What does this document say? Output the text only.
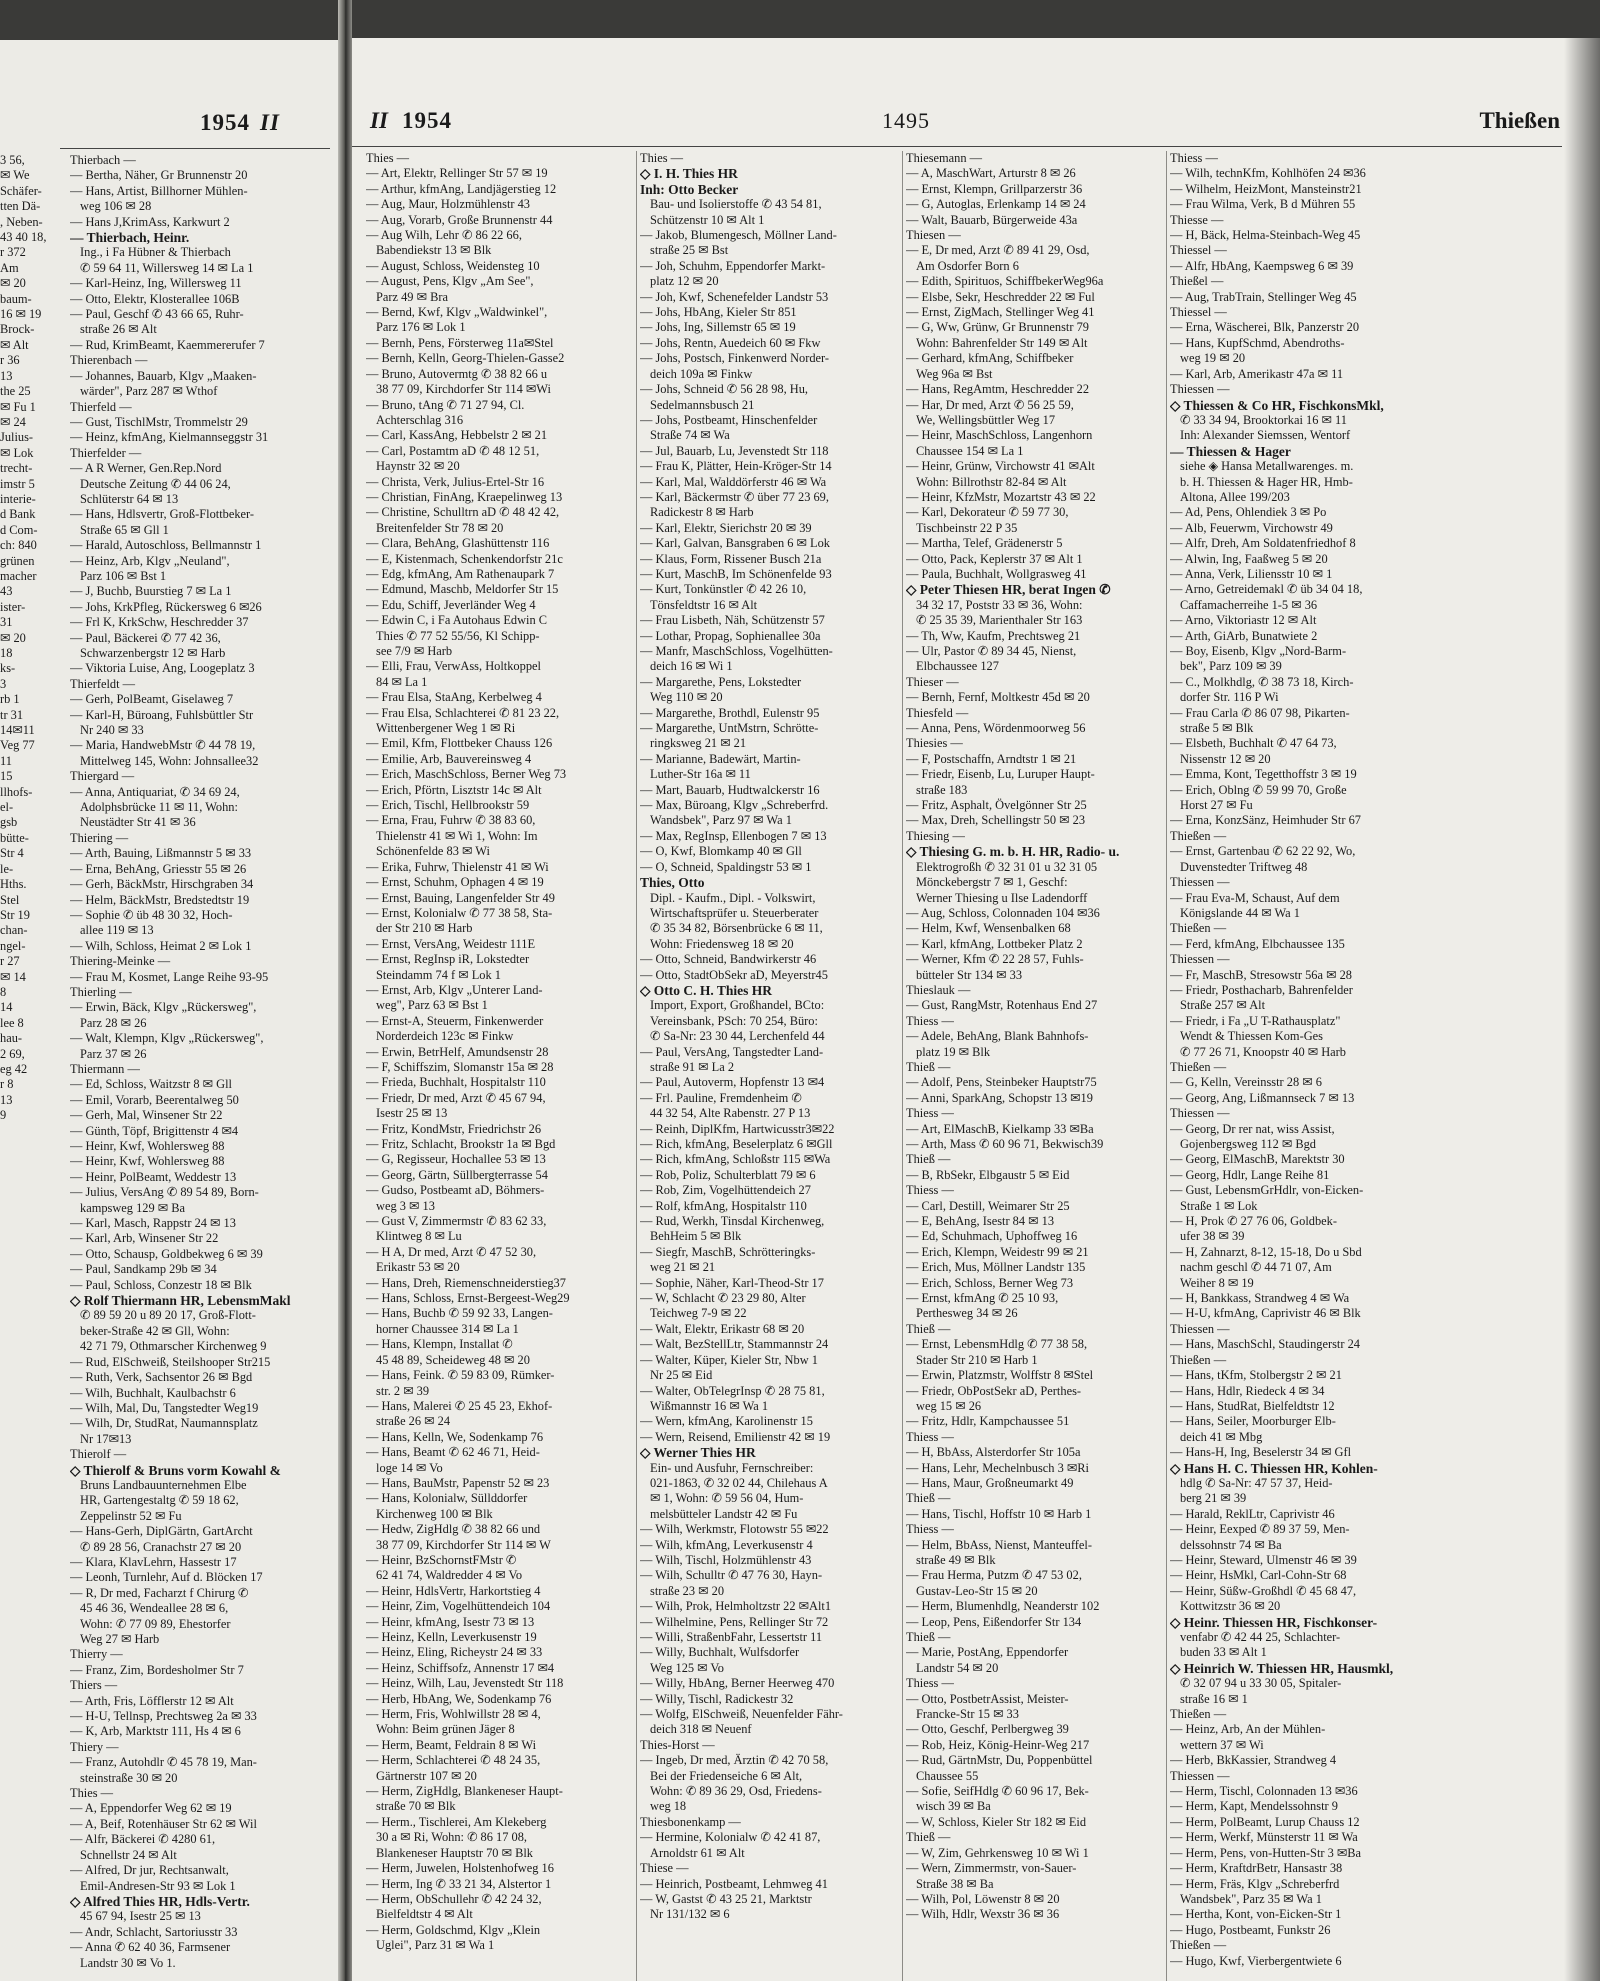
1954 II
3 56,
✉ We
Schäfer-
tten Dä-
, Neben-
43 40 18,
r 372
Am
✉ 20
baum-
16 ✉ 19
Brock-
✉ Alt
r 36
13
the 25
✉ Fu 1
✉ 24
Julius-
✉ Lok
trecht-
imstr 5
interie-
d Bank
d Com-
ch: 840
grünen
macher
43
ister-
31
✉ 20
18
ks-
3
rb 1
tr 31
14✉11
Veg 77
11
15
llhofs-
el-
gsb
bütte-
Str 4
le-
Hths.
Stel
Str 19
chan-
ngel-
r 27
✉ 14
8
14
lee 8
hau-
2 69,
eg 42
r 8
13
9
Thierbach —
— Bertha, Näher, Gr Brunnenstr 20
— Hans, Artist, Billhorner Mühlen-
weg 106 ✉ 28
— Hans J,KrimAss, Karkwurt 2
— Thierbach, Heinr.
Ing., i Fa Hübner & Thierbach
✆ 59 64 11, Willersweg 14 ✉ La 1
— Karl-Heinz, Ing, Willersweg 11
— Otto, Elektr, Klosterallee 106B
— Paul, Geschf ✆ 43 66 65, Ruhr-
straße 26 ✉ Alt
— Rud, KrimBeamt, Kaemmererufer 7
Thierenbach —
— Johannes, Bauarb, Klgv „Maaken-
wärder", Parz 287 ✉ Wthof
Thierfeld —
— Gust, TischlMstr, Trommelstr 29
— Heinz, kfmAng, Kielmannseggstr 31
Thierfelder —
— A R Werner, Gen.Rep.Nord
Deutsche Zeitung ✆ 44 06 24,
Schlüterstr 64 ✉ 13
— Hans, Hdlsvertr, Groß-Flottbeker-
Straße 65 ✉ Gll 1
— Harald, Autoschloss, Bellmannstr 1
— Heinz, Arb, Klgv „Neuland",
Parz 106 ✉ Bst 1
— J, Buchb, Buurstieg 7 ✉ La 1
— Johs, KrkPfleg, Rückersweg 6 ✉26
— Frl K, KrkSchw, Heschredder 37
— Paul, Bäckerei ✆ 77 42 36,
Schwarzenbergstr 12 ✉ Harb
— Viktoria Luise, Ang, Loogeplatz 3
Thierfeldt —
— Gerh, PolBeamt, Giselaweg 7
— Karl-H, Büroang, Fuhlsbüttler Str
Nr 240 ✉ 33
— Maria, HandwebMstr ✆ 44 78 19,
Mittelweg 145, Wohn: Johnsallee32
Thiergard —
— Anna, Antiquariat, ✆ 34 69 24,
Adolphsbrücke 11 ✉ 11, Wohn:
Neustädter Str 41 ✉ 36
Thiering —
— Arth, Bauing, Lißmannstr 5 ✉ 33
— Erna, BehAng, Griesstr 55 ✉ 26
— Gerh, BäckMstr, Hirschgraben 34
— Helm, BäckMstr, Bredstedtstr 19
— Sophie ✆ üb 48 30 32, Hoch-
allee 119 ✉ 13
— Wilh, Schloss, Heimat 2 ✉ Lok 1
Thiering-Meinke —
— Frau M, Kosmet, Lange Reihe 93-95
Thierling —
— Erwin, Bäck, Klgv „Rückersweg",
Parz 28 ✉ 26
— Walt, Klempn, Klgv „Rückersweg",
Parz 37 ✉ 26
Thiermann —
— Ed, Schloss, Waitzstr 8 ✉ Gll
— Emil, Vorarb, Beerentalweg 50
— Gerh, Mal, Winsener Str 22
— Günth, Töpf, Brigittenstr 4 ✉4
— Heinr, Kwf, Wohlersweg 88
— Heinr, Kwf, Wohlersweg 88
— Heinr, PolBeamt, Weddestr 13
— Julius, VersAng ✆ 89 54 89, Born-
kampsweg 129 ✉ Ba
— Karl, Masch, Rappstr 24 ✉ 13
— Karl, Arb, Winsener Str 22
— Otto, Schausp, Goldbekweg 6 ✉ 39
— Paul, Sandkamp 29b ✉ 34
— Paul, Schloss, Conzestr 18 ✉ Blk
◇ Rolf Thiermann HR, LebensmMakl
✆ 89 59 20 u 89 20 17, Groß-Flott-
beker-Straße 42 ✉ Gll, Wohn:
42 71 79, Othmarscher Kirchenweg 9
— Rud, ElSchweiß, Steilshooper Str215
— Ruth, Verk, Sachsentor 26 ✉ Bgd
— Wilh, Buchhalt, Kaulbachstr 6
— Wilh, Mal, Du, Tangstedter Weg19
— Wilh, Dr, StudRat, Naumannsplatz
Nr 17✉13
Thierolf —
◇ Thierolf & Bruns vorm Kowahl &
Bruns Landbauunternehmen Elbe
HR, Gartengestaltg ✆ 59 18 62,
Zeppelinstr 52 ✉ Fu
— Hans-Gerh, DiplGärtn, GartArcht
✆ 89 28 56, Cranachstr 27 ✉ 20
— Klara, KlavLehrn, Hassestr 17
— Leonh, Turnlehr, Auf d. Blöcken 17
— R, Dr med, Facharzt f Chirurg ✆
45 46 36, Wendeallee 28 ✉ 6,
Wohn: ✆ 77 09 89, Ehestorfer
Weg 27 ✉ Harb
Thierry —
— Franz, Zim, Bordesholmer Str 7
Thiers —
— Arth, Fris, Löfflerstr 12 ✉ Alt
— H-U, Tellnsp, Prechtsweg 2a ✉ 33
— K, Arb, Marktstr 111, Hs 4 ✉ 6
Thiery —
— Franz, Autohdlr ✆ 45 78 19, Man-
steinstraße 30 ✉ 20
Thies —
— A, Eppendorfer Weg 62 ✉ 19
— A, Beif, Rotenhäuser Str 62 ✉ Wil
— Alfr, Bäckerei ✆ 4280 61,
Schnellstr 24 ✉ Alt
— Alfred, Dr jur, Rechtsanwalt,
Emil-Andresen-Str 93 ✉ Lok 1
◇ Alfred Thies HR, Hdls-Vertr.
45 67 94, Isestr 25 ✉ 13
— Andr, Schlacht, Sartoriusstr 33
— Anna ✆ 62 40 36, Farmsener
Landstr 30 ✉ Vo 1.
II 1954	1495	Thießen
Thies —
— Art, Elektr, Rellinger Str 57 ✉ 19
— Arthur, kfmAng, Landjägerstieg 12
— Aug, Maur, Holzmühlenstr 43
— Aug, Vorarb, Große Brunnenstr 44
— Aug Wilh, Lehr ✆ 86 22 66,
Babendiekstr 13 ✉ Blk
— August, Schloss, Weidensteg 10
— August, Pens, Klgv „Am See",
Parz 49 ✉ Bra
— Bernd, Kwf, Klgv „Waldwinkel",
Parz 176 ✉ Lok 1
— Bernh, Pens, Försterweg 11a✉Stel
— Bernh, Kelln, Georg-Thielen-Gasse2
— Bruno, Autovermtg ✆ 38 82 66 u
38 77 09, Kirchdorfer Str 114 ✉Wi
— Bruno, tAng ✆ 71 27 94, Cl.
Achterschlag 316
— Carl, KassAng, Hebbelstr 2 ✉ 21
— Carl, Postamtm aD ✆ 48 12 51,
Haynstr 32 ✉ 20
— Christa, Verk, Julius-Ertel-Str 16
— Christian, FinAng, Kraepelinweg 13
— Christine, Schulltrn aD ✆ 48 42 42,
Breitenfelder Str 78 ✉ 20
— Clara, BehAng, Glashüttenstr 116
— E, Kistenmach, Schenkendorfstr 21c
— Edg, kfmAng, Am Rathenaupark 7
— Edmund, Maschb, Meldorfer Str 15
— Edu, Schiff, Jeverländer Weg 4
— Edwin C, i Fa Autohaus Edwin C
Thies ✆ 77 52 55/56, Kl Schipp-
see 7/9 ✉ Harb
— Elli, Frau, VerwAss, Holtkoppel
84 ✉ La 1
— Frau Elsa, StaAng, Kerbelweg 4
— Frau Elsa, Schlachterei ✆ 81 23 22,
Wittenbergener Weg 1 ✉ Ri
— Emil, Kfm, Flottbeker Chauss 126
— Emilie, Arb, Bauvereinsweg 4
— Erich, MaschSchloss, Berner Weg 73
— Erich, Pförtn, Lisztstr 14c ✉ Alt
— Erich, Tischl, Hellbrookstr 59
— Erna, Frau, Fuhrw ✆ 38 83 60,
Thielenstr 41 ✉ Wi 1, Wohn: Im
Schönenfelde 83 ✉ Wi
— Erika, Fuhrw, Thielenstr 41 ✉ Wi
— Ernst, Schuhm, Ophagen 4 ✉ 19
— Ernst, Bauing, Langenfelder Str 49
— Ernst, Kolonialw ✆ 77 38 58, Sta-
der Str 210 ✉ Harb
— Ernst, VersAng, Weidestr 111E
— Ernst, RegInsp iR, Lokstedter
Steindamm 74 f ✉ Lok 1
— Ernst, Arb, Klgv „Unterer Land-
weg", Parz 63 ✉ Bst 1
— Ernst-A, Steuerm, Finkenwerder
Norderdeich 123c ✉ Finkw
— Erwin, BetrHelf, Amundsenstr 28
— F, Schiffszim, Slomanstr 15a ✉ 28
— Frieda, Buchhalt, Hospitalstr 110
— Friedr, Dr med, Arzt ✆ 45 67 94,
Isestr 25 ✉ 13
— Fritz, KondMstr, Friedrichstr 26
— Fritz, Schlacht, Brookstr 1a ✉ Bgd
— G, Regisseur, Hochallee 53 ✉ 13
— Georg, Gärtn, Süllbergterrasse 54
— Gudso, Postbeamt aD, Böhmers-
weg 3 ✉ 13
— Gust V, Zimmermstr ✆ 83 62 33,
Klintweg 8 ✉ Lu
— H A, Dr med, Arzt ✆ 47 52 30,
Erikastr 53 ✉ 20
— Hans, Dreh, Riemenschneiderstieg37
— Hans, Schloss, Ernst-Bergeest-Weg29
— Hans, Buchb ✆ 59 92 33, Langen-
horner Chaussee 314 ✉ La 1
— Hans, Klempn, Installat ✆
45 48 89, Scheideweg 48 ✉ 20
— Hans, Feink. ✆ 59 83 09, Rümker-
str. 2 ✉ 39
— Hans, Malerei ✆ 25 45 23, Ekhof-
straße 26 ✉ 24
— Hans, Kelln, We, Sodenkamp 76
— Hans, Beamt ✆ 62 46 71, Heid-
loge 14 ✉ Vo
— Hans, BauMstr, Papenstr 52 ✉ 23
— Hans, Kolonialw, Süllddorfer
Kirchenweg 100 ✉ Blk
— Hedw, ZigHdlg ✆ 38 82 66 und
38 77 09, Kirchdorfer Str 114 ✉ W
— Heinr, BzSchornstFMstr ✆
62 41 74, Waldredder 4 ✉ Vo
— Heinr, HdlsVertr, Harkortstieg 4
— Heinr, Zim, Vogelhüttendeich 104
— Heinr, kfmAng, Isestr 73 ✉ 13
— Heinz, Kelln, Leverkusenstr 19
— Heinz, Eling, Richeystr 24 ✉ 33
— Heinz, Schiffsofz, Annenstr 17 ✉4
— Heinz, Wilh, Lau, Jevenstedt Str 118
— Herb, HbAng, We, Sodenkamp 76
— Herm, Fris, Wohlwillstr 28 ✉ 4,
Wohn: Beim grünen Jäger 8
— Herm, Beamt, Feldrain 8 ✉ Wi
— Herm, Schlachterei ✆ 48 24 35,
Gärtnerstr 107 ✉ 20
— Herm, ZigHdlg, Blankeneser Haupt-
straße 70 ✉ Blk
— Herm., Tischlerei, Am Klekeberg
30 a ✉ Ri, Wohn: ✆ 86 17 08,
Blankeneser Hauptstr 70 ✉ Blk
— Herm, Juwelen, Holstenhofweg 16
— Herm, Ing ✆ 33 21 34, Alstertor 1
— Herm, ObSchullehr ✆ 42 24 32,
Bielfeldtstr 4 ✉ Alt
— Herm, Goldschmd, Klgv „Klein
Uglei", Parz 31 ✉ Wa 1
Thies —
◇ I. H. Thies HR
Inh: Otto Becker
Bau- und Isolierstoffe ✆ 43 54 81,
Schützenstr 10 ✉ Alt 1
— Jakob, Blumengesch, Möllner Land-
straße 25 ✉ Bst
— Joh, Schuhm, Eppendorfer Markt-
platz 12 ✉ 20
— Joh, Kwf, Schenefelder Landstr 53
— Johs, HbAng, Kieler Str 851
— Johs, Ing, Sillemstr 65 ✉ 19
— Johs, Rentn, Auedeich 60 ✉ Fkw
— Johs, Postsch, Finkenwerd Norder-
deich 109a ✉ Finkw
— Johs, Schneid ✆ 56 28 98, Hu,
Sedelmannsbusch 21
— Johs, Postbeamt, Hinschenfelder
Straße 74 ✉ Wa
— Jul, Bauarb, Lu, Jevenstedt Str 118
— Frau K, Plätter, Hein-Kröger-Str 14
— Karl, Mal, Walddörferstr 46 ✉ Wa
— Karl, Bäckermstr ✆ über 77 23 69,
Radickestr 8 ✉ Harb
— Karl, Elektr, Sierichstr 20 ✉ 39
— Karl, Galvan, Bansgraben 6 ✉ Lok
— Klaus, Form, Rissener Busch 21a
— Kurt, MaschB, Im Schönenfelde 93
— Kurt, Tonkünstler ✆ 42 26 10,
Tönsfeldtstr 16 ✉ Alt
— Frau Lisbeth, Näh, Schützenstr 57
— Lothar, Propag, Sophienallee 30a
— Manfr, MaschSchloss, Vogelhütten-
deich 16 ✉ Wi 1
— Margarethe, Pens, Lokstedter
Weg 110 ✉ 20
— Margarethe, Brothdl, Eulenstr 95
— Margarethe, UntMstrn, Schrötte-
ringksweg 21 ✉ 21
— Marianne, Badewärt, Martin-
Luther-Str 16a ✉ 11
— Mart, Bauarb, Hudtwalckerstr 16
— Max, Büroang, Klgv „Schreberfrd.
Wandsbek", Parz 97 ✉ Wa 1
— Max, RegInsp, Ellenbogen 7 ✉ 13
— O, Kwf, Blomkamp 40 ✉ Gll
— O, Schneid, Spaldingstr 53 ✉ 1
Thies, Otto
Dipl. - Kaufm., Dipl. - Volkswirt,
Wirtschaftsprüfer u. Steuerberater
✆ 35 34 82, Börsenbrücke 6 ✉ 11,
Wohn: Friedensweg 18 ✉ 20
— Otto, Schneid, Bandwirkerstr 46
— Otto, StadtObSekr aD, Meyerstr45
◇ Otto C. H. Thies HR
Import, Export, Großhandel, BCto:
Vereinsbank, PSch: 70 254, Büro:
✆ Sa-Nr: 23 30 44, Lerchenfeld 44
— Paul, VersAng, Tangstedter Land-
straße 91 ✉ La 2
— Paul, Autoverm, Hopfenstr 13 ✉4
— Frl. Pauline, Fremdenheim ✆
44 32 54, Alte Rabenstr. 27 P 13
— Reinh, DiplKfm, Hartwicusstr3✉22
— Rich, kfmAng, Beselerplatz 6 ✉Gll
— Rich, kfmAng, Schloßstr 115 ✉Wa
— Rob, Poliz, Schulterblatt 79 ✉ 6
— Rob, Zim, Vogelhüttendeich 27
— Rolf, kfmAng, Hospitalstr 110
— Rud, Werkh, Tinsdal Kirchenweg,
BehHeim 5 ✉ Blk
— Siegfr, MaschB, Schrötteringks-
weg 21 ✉ 21
— Sophie, Näher, Karl-Theod-Str 17
— W, Schlacht ✆ 23 29 80, Alter
Teichweg 7-9 ✉ 22
— Walt, Elektr, Erikastr 68 ✉ 20
— Walt, BezStellLtr, Stammannstr 24
— Walter, Küper, Kieler Str, Nbw 1
Nr 25 ✉ Eid
— Walter, ObTelegrInsp ✆ 28 75 81,
Wißmannstr 16 ✉ Wa 1
— Wern, kfmAng, Karolinenstr 15
— Wern, Reisend, Emilienstr 42 ✉ 19
◇ Werner Thies HR
Ein- und Ausfuhr, Fernschreiber:
021-1863, ✆ 32 02 44, Chilehaus A
✉ 1, Wohn: ✆ 59 56 04, Hum-
melsbütteler Landstr 42 ✉ Fu
— Wilh, Werkmstr, Flotowstr 55 ✉22
— Wilh, kfmAng, Leverkusenstr 4
— Wilh, Tischl, Holzmühlenstr 43
— Wilh, Schulltr ✆ 47 76 30, Hayn-
straße 23 ✉ 20
— Wilh, Prok, Helmholtzstr 22 ✉Alt1
— Wilhelmine, Pens, Rellinger Str 72
— Willi, StraßenbFahr, Lessertstr 11
— Willy, Buchhalt, Wulfsdorfer
Weg 125 ✉ Vo
— Willy, HbAng, Berner Heerweg 470
— Willy, Tischl, Radickestr 32
— Wolfg, ElSchweiß, Neuenfelder Fähr-
deich 318 ✉ Neuenf
Thies-Horst —
— Ingeb, Dr med, Ärztin ✆ 42 70 58,
Bei der Friedenseiche 6 ✉ Alt,
Wohn: ✆ 89 36 29, Osd, Friedens-
weg 18
Thiesbonenkamp —
— Hermine, Kolonialw ✆ 42 41 87,
Arnoldstr 61 ✉ Alt
Thiese —
— Heinrich, Postbeamt, Lehmweg 41
— W, Gastst ✆ 43 25 21, Marktstr
Nr 131/132 ✉ 6
Thiesemann —
— A, MaschWart, Arturstr 8 ✉ 26
— Ernst, Klempn, Grillparzerstr 36
— G, Autoglas, Erlenkamp 14 ✉ 24
— Walt, Bauarb, Bürgerweide 43a
Thiesen —
— E, Dr med, Arzt ✆ 89 41 29, Osd,
Am Osdorfer Born 6
— Edith, Spirituos, SchiffbekerWeg96a
— Elsbe, Sekr, Heschredder 22 ✉ Ful
— Ernst, ZigMach, Stellinger Weg 41
— G, Ww, Grünw, Gr Brunnenstr 79
Wohn: Bahrenfelder Str 149 ✉ Alt
— Gerhard, kfmAng, Schiffbeker
Weg 96a ✉ Bst
— Hans, RegAmtm, Heschredder 22
— Har, Dr med, Arzt ✆ 56 25 59,
We, Wellingsbüttler Weg 17
— Heinr, MaschSchloss, Langenhorn
Chaussee 154 ✉ La 1
— Heinr, Grünw, Virchowstr 41 ✉Alt
Wohn: Billrothstr 82-84 ✉ Alt
— Heinr, KfzMstr, Mozartstr 43 ✉ 22
— Karl, Dekorateur ✆ 59 77 30,
Tischbeinstr 22 P 35
— Martha, Telef, Grädenerstr 5
— Otto, Pack, Keplerstr 37 ✉ Alt 1
— Paula, Buchhalt, Wollgrasweg 41
◇ Peter Thiesen HR, berat Ingen ✆
34 32 17, Poststr 33 ✉ 36, Wohn:
✆ 25 35 39, Marienthaler Str 163
— Th, Ww, Kaufm, Prechtsweg 21
— Ulr, Pastor ✆ 89 34 45, Nienst,
Elbchaussee 127
Thieser —
— Bernh, Fernf, Moltkestr 45d ✉ 20
Thiesfeld —
— Anna, Pens, Wördenmoorweg 56
Thiesies —
— F, Postschaffn, Arndtstr 1 ✉ 21
— Friedr, Eisenb, Lu, Luruper Haupt-
straße 183
— Fritz, Asphalt, Övelgönner Str 25
— Max, Dreh, Schellingstr 50 ✉ 23
Thiesing —
◇ Thiesing G. m. b. H. HR, Radio- u.
Elektrogroßh ✆ 32 31 01 u 32 31 05
Mönckebergstr 7 ✉ 1, Geschf:
Werner Thiesing u Ilse Ladendorff
— Aug, Schloss, Colonnaden 104 ✉36
— Helm, Kwf, Wensenbalken 68
— Karl, kfmAng, Lottbeker Platz 2
— Werner, Kfm ✆ 22 28 57, Fuhls-
bütteler Str 134 ✉ 33
Thieslauk —
— Gust, RangMstr, Rotenhaus End 27
Thiess —
— Adele, BehAng, Blank Bahnhofs-
platz 19 ✉ Blk
Thieß —
— Adolf, Pens, Steinbeker Hauptstr75
— Anni, SparkAng, Schopstr 13 ✉19
Thiess —
— Art, ElMaschB, Kielkamp 33 ✉Ba
— Arth, Mass ✆ 60 96 71, Bekwisch39
Thieß —
— B, RbSekr, Elbgaustr 5 ✉ Eid
Thiess —
— Carl, Destill, Weimarer Str 25
— E, BehAng, Isestr 84 ✉ 13
— Ed, Schuhmach, Uphoffweg 16
— Erich, Klempn, Weidestr 99 ✉ 21
— Erich, Mus, Möllner Landstr 135
— Erich, Schloss, Berner Weg 73
— Ernst, kfmAng ✆ 25 10 93,
Perthesweg 34 ✉ 26
Thieß —
— Ernst, LebensmHdlg ✆ 77 38 58,
Stader Str 210 ✉ Harb 1
— Erwin, Platzmstr, Wolffstr 8 ✉Stel
— Friedr, ObPostSekr aD, Perthes-
weg 15 ✉ 26
— Fritz, Hdlr, Kampchaussee 51
Thiess —
— H, BbAss, Alsterdorfer Str 105a
— Hans, Lehr, Mechelnbusch 3 ✉Ri
— Hans, Maur, Großneumarkt 49
Thieß —
— Hans, Tischl, Hoffstr 10 ✉ Harb 1
Thiess —
— Helm, BbAss, Nienst, Manteuffel-
straße 49 ✉ Blk
— Frau Herma, Putzm ✆ 47 53 02,
Gustav-Leo-Str 15 ✉ 20
— Herm, Blumenhdlg, Neanderstr 102
— Leop, Pens, Eißendorfer Str 134
Thieß —
— Marie, PostAng, Eppendorfer
Landstr 54 ✉ 20
Thiess —
— Otto, PostbetrAssist, Meister-
Francke-Str 15 ✉ 33
— Otto, Geschf, Perlbergweg 39
— Rob, Heiz, König-Heinr-Weg 217
— Rud, GärtnMstr, Du, Poppenbüttel
Chaussee 55
— Sofie, SeifHdlg ✆ 60 96 17, Bek-
wisch 39 ✉ Ba
— W, Schloss, Kieler Str 182 ✉ Eid
Thieß —
— W, Zim, Gehrkensweg 10 ✉ Wi 1
— Wern, Zimmermstr, von-Sauer-
Straße 38 ✉ Ba
— Wilh, Pol, Löwenstr 8 ✉ 20
— Wilh, Hdlr, Wexstr 36 ✉ 36
Thiess —
— Wilh, technKfm, Kohlhöfen 24 ✉36
— Wilhelm, HeizMont, Mansteinstr21
— Frau Wilma, Verk, B d Mühren 55
Thiesse —
— H, Bäck, Helma-Steinbach-Weg 45
Thiessel —
— Alfr, HbAng, Kaempsweg 6 ✉ 39
Thießel —
— Aug, TrabTrain, Stellinger Weg 45
Thiessel —
— Erna, Wäscherei, Blk, Panzerstr 20
— Hans, KupfSchmd, Abendroths-
weg 19 ✉ 20
— Karl, Arb, Amerikastr 47a ✉ 11
Thiessen —
◇ Thiessen & Co HR, FischkonsMkl,
✆ 33 34 94, Brooktorkai 16 ✉ 11
Inh: Alexander Siemssen, Wentorf
— Thiessen & Hager
siehe ◈ Hansa Metallwarenges. m.
b. H. Thiessen & Hager HR, Hmb-
Altona, Allee 199/203
— Ad, Pens, Ohlendiek 3 ✉ Po
— Alb, Feuerwm, Virchowstr 49
— Alfr, Dreh, Am Soldatenfriedhof 8
— Alwin, Ing, Faaßweg 5 ✉ 20
— Anna, Verk, Liliensstr 10 ✉ 1
— Arno, Getreidemakl ✆ üb 34 04 18,
Caffamacherreihe 1-5 ✉ 36
— Arno, Viktoriastr 12 ✉ Alt
— Arth, GiArb, Bunatwiete 2
— Boy, Eisenb, Klgv „Nord-Barm-
bek", Parz 109 ✉ 39
— C., Molkhdlg, ✆ 38 73 18, Kirch-
dorfer Str. 116 P Wi
— Frau Carla ✆ 86 07 98, Pikarten-
straße 5 ✉ Blk
— Elsbeth, Buchhalt ✆ 47 64 73,
Nissenstr 12 ✉ 20
— Emma, Kont, Tegetthoffstr 3 ✉ 19
— Erich, Oblng ✆ 59 99 70, Große
Horst 27 ✉ Fu
— Erna, KonzSänz, Heimhuder Str 67
Thießen —
— Ernst, Gartenbau ✆ 62 22 92, Wo,
Duvenstedter Triftweg 48
Thiessen —
— Frau Eva-M, Schaust, Auf dem
Königslande 44 ✉ Wa 1
Thießen —
— Ferd, kfmAng, Elbchaussee 135
Thiessen —
— Fr, MaschB, Stresowstr 56a ✉ 28
— Friedr, Posthacharb, Bahrenfelder
Straße 257 ✉ Alt
— Friedr, i Fa „U T-Rathausplatz"
Wendt & Thiessen Kom-Ges
✆ 77 26 71, Knoopstr 40 ✉ Harb
Thießen —
— G, Kelln, Vereinsstr 28 ✉ 6
— Georg, Ang, Lißmannseck 7 ✉ 13
Thiessen —
— Georg, Dr rer nat, wiss Assist,
Gojenbergsweg 112 ✉ Bgd
— Georg, ElMaschB, Marektstr 30
— Georg, Hdlr, Lange Reihe 81
— Gust, LebensmGrHdlr, von-Eicken-
Straße 1 ✉ Lok
— H, Prok ✆ 27 76 06, Goldbek-
ufer 38 ✉ 39
— H, Zahnarzt, 8-12, 15-18, Do u Sbd
nachm geschl ✆ 44 71 07, Am
Weiher 8 ✉ 19
— H, Bankkass, Strandweg 4 ✉ Wa
— H-U, kfmAng, Caprivistr 46 ✉ Blk
Thiessen —
— Hans, MaschSchl, Staudingerstr 24
Thießen —
— Hans, tKfm, Stolbergstr 2 ✉ 21
— Hans, Hdlr, Riedeck 4 ✉ 34
— Hans, StudRat, Bielfeldtstr 12
— Hans, Seiler, Moorburger Elb-
deich 41 ✉ Mbg
— Hans-H, Ing, Beselerstr 34 ✉ Gfl
◇ Hans H. C. Thiessen HR, Kohlen-
hdlg ✆ Sa-Nr: 47 57 37, Heid-
berg 21 ✉ 39
— Harald, ReklLtr, Caprivistr 46
— Heinr, Eexped ✆ 89 37 59, Men-
delssohnstr 74 ✉ Ba
— Heinr, Steward, Ulmenstr 46 ✉ 39
— Heinr, HsMkl, Carl-Cohn-Str 68
— Heinr, Süßw-Großhdl ✆ 45 68 47,
Kottwitzstr 36 ✉ 20
◇ Heinr. Thiessen HR, Fischkonser-
venfabr ✆ 42 44 25, Schlachter-
buden 33 ✉ Alt 1
◇ Heinrich W. Thiessen HR, Hausmkl,
✆ 32 07 94 u 33 30 05, Spitaler-
straße 16 ✉ 1
Thießen —
— Heinz, Arb, An der Mühlen-
wettern 37 ✉ Wi
— Herb, BkKassier, Strandweg 4
Thiessen —
— Herm, Tischl, Colonnaden 13 ✉36
— Herm, Kapt, Mendelssohnstr 9
— Herm, PolBeamt, Lurup Chauss 12
— Herm, Werkf, Münsterstr 11 ✉ Wa
— Herm, Pens, von-Hutten-Str 3 ✉Ba
— Herm, KraftdrBetr, Hansastr 38
— Herm, Fräs, Klgv „Schreberfrd
Wandsbek", Parz 35 ✉ Wa 1
— Hertha, Kont, von-Eicken-Str 1
— Hugo, Postbeamt, Funkstr 26
Thießen —
— Hugo, Kwf, Vierbergentwiete 6
